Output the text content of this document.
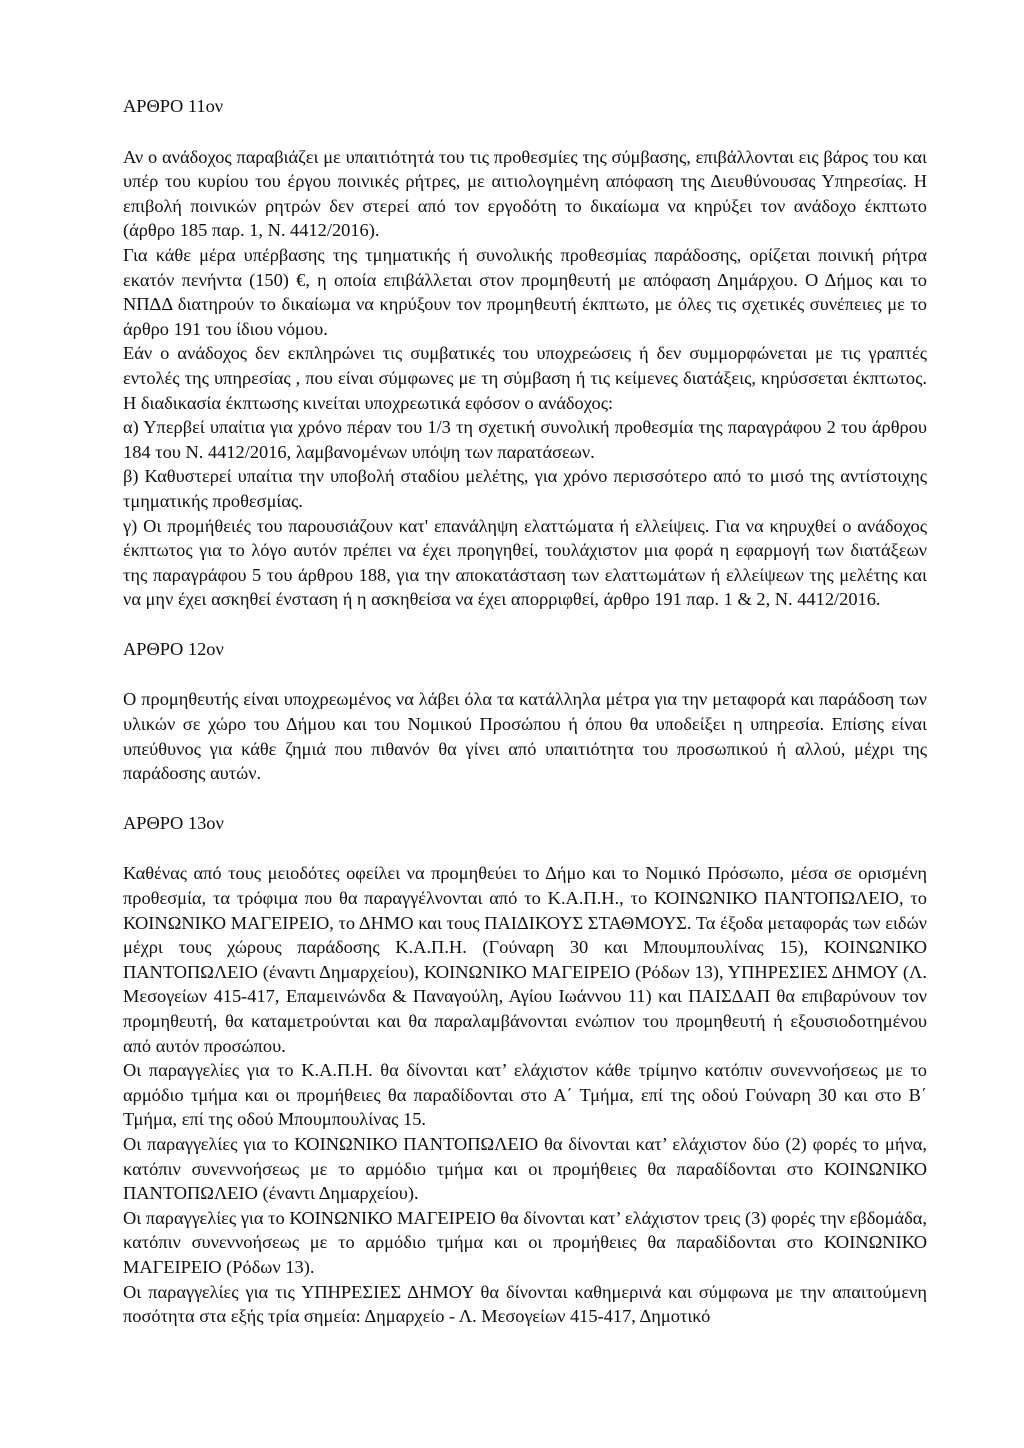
ΑΡΘΡΟ 11ον

Αν ο ανάδοχος παραβιάζει με υπαιτιότητά του τις προθεσμίες της σύμβασης, επιβάλλονται εις βάρος του και υπέρ του κυρίου του έργου ποινικές ρήτρες, με αιτιολογημένη απόφαση της Διευθύνουσας Υπηρεσίας. Η επιβολή ποινικών ρητρών δεν στερεί από τον εργοδότη το δικαίωμα να κηρύξει τον ανάδοχο έκπτωτο (άρθρο 185 παρ. 1, Ν. 4412/2016).

Για κάθε μέρα υπέρβασης της τμηματικής ή συνολικής προθεσμίας παράδοσης, ορίζεται ποινική ρήτρα εκατόν πενήντα (150) €, η οποία επιβάλλεται στον προμηθευτή με απόφαση Δημάρχου. Ο Δήμος και το ΝΠΔΔ διατηρούν το δικαίωμα να κηρύξουν τον προμηθευτή έκπτωτο, με όλες τις σχετικές συνέπειες με το άρθρο 191 του ίδιου νόμου.

Εάν ο ανάδοχος δεν εκπληρώνει τις συμβατικές του υποχρεώσεις ή δεν συμμορφώνεται με τις γραπτές εντολές της υπηρεσίας , που είναι σύμφωνες με τη σύμβαση ή τις κείμενες διατάξεις, κηρύσσεται έκπτωτος. Η διαδικασία έκπτωσης κινείται υποχρεωτικά εφόσον ο ανάδοχος:

α) Υπερβεί υπαίτια για χρόνο πέραν του 1/3 τη σχετική συνολική προθεσμία της παραγράφου 2 του άρθρου 184 του Ν. 4412/2016, λαμβανομένων υπόψη των παρατάσεων.

β) Καθυστερεί υπαίτια την υποβολή σταδίου μελέτης, για χρόνο περισσότερο από το μισό της αντίστοιχης τμηματικής προθεσμίας.

γ) Οι προμήθειές του παρουσιάζουν κατ' επανάληψη ελαττώματα ή ελλείψεις. Για να κηρυχθεί ο ανάδοχος έκπτωτος για το λόγο αυτόν πρέπει να έχει προηγηθεί, τουλάχιστον μια φορά η εφαρμογή των διατάξεων της παραγράφου 5 του άρθρου 188, για την αποκατάσταση των ελαττωμάτων ή ελλείψεων της μελέτης και να μην έχει ασκηθεί ένσταση ή η ασκηθείσα να έχει απορριφθεί, άρθρο 191 παρ. 1 & 2, Ν. 4412/2016.

ΑΡΘΡΟ 12ον

Ο προμηθευτής είναι υποχρεωμένος να λάβει όλα τα κατάλληλα μέτρα για την μεταφορά και παράδοση των υλικών σε χώρο του Δήμου και του Νομικού Προσώπου ή όπου θα υποδείξει η υπηρεσία. Επίσης είναι υπεύθυνος για κάθε ζημιά που πιθανόν θα γίνει από υπαιτιότητα του προσωπικού ή αλλού, μέχρι της παράδοσης αυτών.

ΑΡΘΡΟ 13ον

Καθένας από τους μειοδότες οφείλει να προμηθεύει το Δήμο και το Νομικό Πρόσωπο, μέσα σε ορισμένη προθεσμία, τα τρόφιμα που θα παραγγέλνονται από το Κ.Α.Π.Η., το ΚΟΙΝΩΝΙΚΟ ΠΑΝΤΟΠΩΛΕΙΟ, το ΚΟΙΝΩΝΙΚΟ ΜΑΓΕΙΡΕΙΟ, το ΔΗΜΟ και τους ΠΑΙΔΙΚΟΥΣ ΣΤΑΘΜΟΥΣ. Τα έξοδα μεταφοράς των ειδών μέχρι τους χώρους παράδοσης Κ.Α.Π.Η. (Γούναρη 30 και Μπουμπουλίνας 15), ΚΟΙΝΩΝΙΚΟ ΠΑΝΤΟΠΩΛΕΙΟ (έναντι Δημαρχείου), ΚΟΙΝΩΝΙΚΟ ΜΑΓΕΙΡΕΙΟ (Ρόδων 13), ΥΠΗΡΕΣΙΕΣ ΔΗΜΟΥ (Λ. Μεσογείων 415-417, Επαμεινώνδα & Παναγούλη, Αγίου Ιωάννου 11) και ΠΑΙΣΔΑΠ θα επιβαρύνουν τον προμηθευτή, θα καταμετρούνται και θα παραλαμβάνονται ενώπιον του προμηθευτή ή εξουσιοδοτημένου από αυτόν προσώπου.

Οι παραγγελίες για το Κ.Α.Π.Η. θα δίνονται κατ’ ελάχιστον κάθε τρίμηνο κατόπιν συνεννοήσεως με το αρμόδιο τμήμα και οι προμήθειες θα παραδίδονται στο Α΄ Τμήμα, επί της οδού Γούναρη 30 και στο Β΄ Τμήμα, επί της οδού Μπουμπουλίνας 15.

Οι παραγγελίες για το ΚΟΙΝΩΝΙΚΟ ΠΑΝΤΟΠΩΛΕΙΟ θα δίνονται κατ’ ελάχιστον δύο (2) φορές το μήνα, κατόπιν συνεννοήσεως με το αρμόδιο τμήμα και οι προμήθειες θα παραδίδονται στο ΚΟΙΝΩΝΙΚΟ ΠΑΝΤΟΠΩΛΕΙΟ (έναντι Δημαρχείου).

Οι παραγγελίες για το ΚΟΙΝΩΝΙΚΟ ΜΑΓΕΙΡΕΙΟ θα δίνονται κατ’ ελάχιστον τρεις (3) φορές την εβδομάδα, κατόπιν συνεννοήσεως με το αρμόδιο τμήμα και οι προμήθειες θα παραδίδονται στο ΚΟΙΝΩΝΙΚΟ ΜΑΓΕΙΡΕΙΟ (Ρόδων 13).

Οι παραγγελίες για τις ΥΠΗΡΕΣΙΕΣ ΔΗΜΟΥ θα δίνονται καθημερινά και σύμφωνα με την απαιτούμενη ποσότητα στα εξής τρία σημεία: Δημαρχείο - Λ. Μεσογείων 415-417, Δημοτικό
